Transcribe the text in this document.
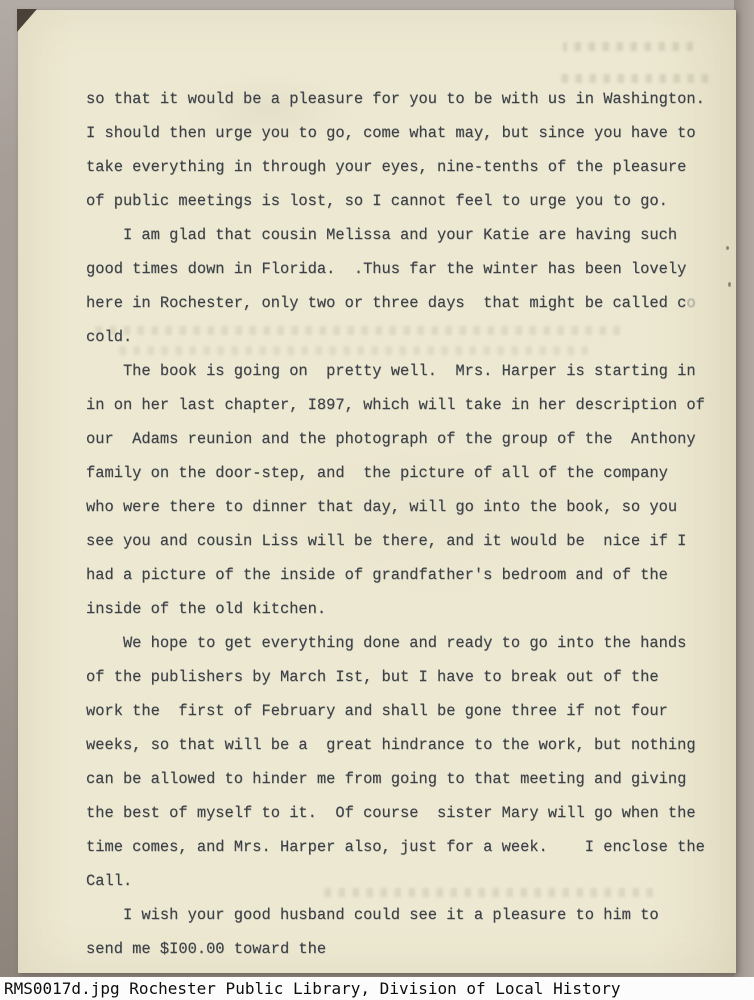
so that it would be a pleasure for you to be with us in Washington.
I should then urge you to go, come what may, but since you have to
take everything in through your eyes, nine-tenths of the pleasure
of public meetings is lost, so I cannot feel to urge you to go.
I am glad that cousin Melissa and your Katie are having such
good times down in Florida.  .Thus far the winter has been lovely
here in Rochester, only two or three days  that might be called co
cold.
The book is going on  pretty well.  Mrs. Harper is starting in
in on her last chapter, I897, which will take in her description of
our  Adams reunion and the photograph of the group of the  Anthony
family on the door-step, and  the picture of all of the company
who were there to dinner that day, will go into the book, so you
see you and cousin Liss will be there, and it would be  nice if I
had a picture of the inside of grandfather's bedroom and of the
inside of the old kitchen.
We hope to get everything done and ready to go into the hands
of the publishers by March Ist, but I have to break out of the
work the  first of February and shall be gone three if not four
weeks, so that will be a  great hindrance to the work, but nothing
can be allowed to hinder me from going to that meeting and giving
the best of myself to it.  Of course  sister Mary will go when the
time comes, and Mrs. Harper also, just for a week.    I enclose the
Call.
I wish your good husband could see it a pleasure to him to
send me $I00.00 toward the
RMS0017d.jpg Rochester Public Library, Division of Local History
